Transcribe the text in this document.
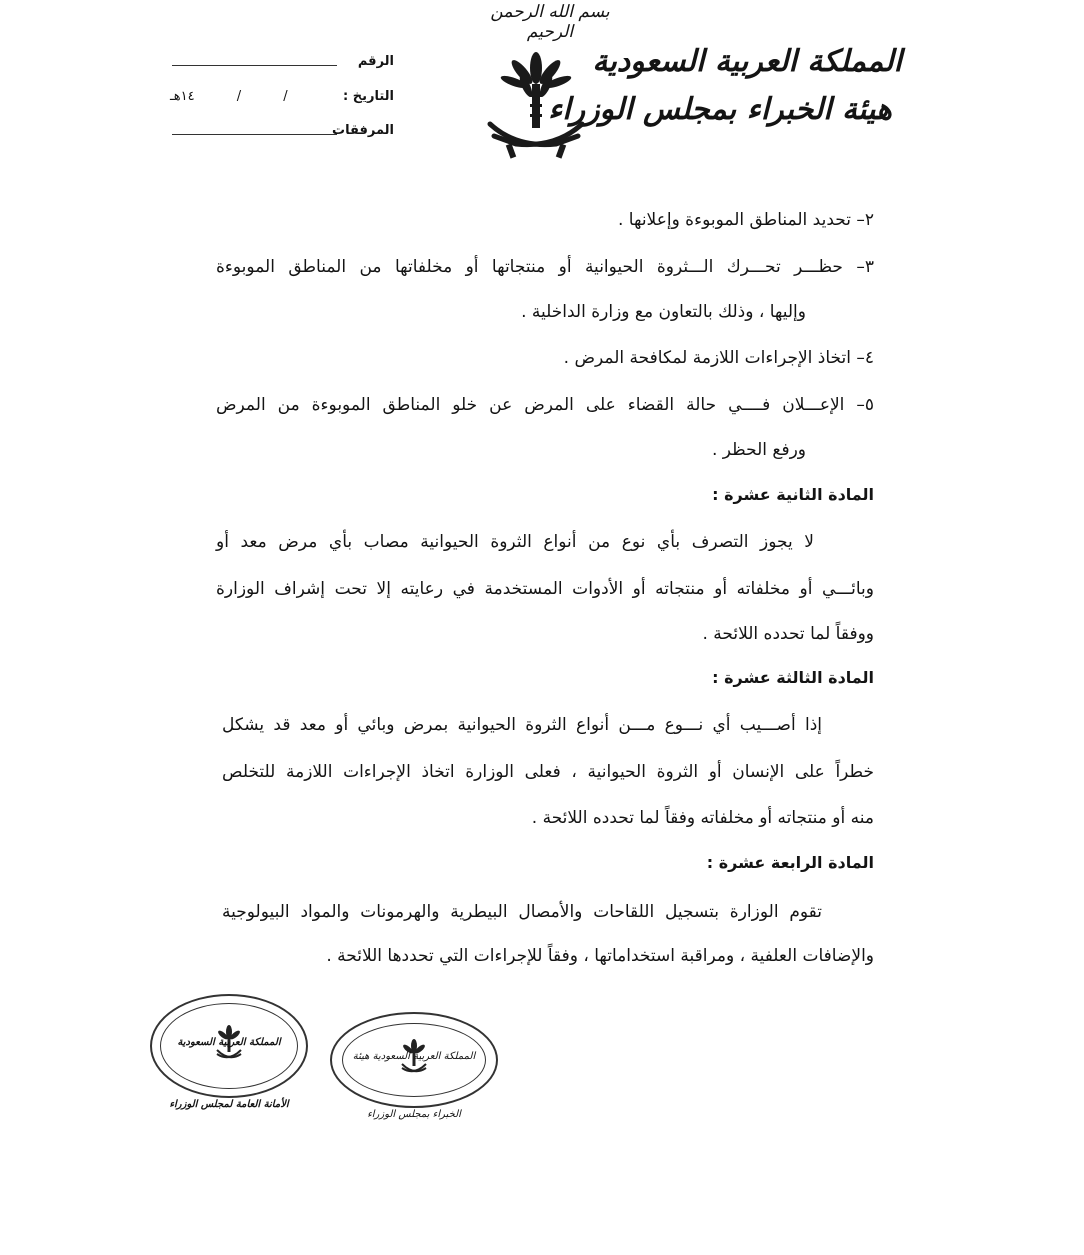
بسم الله الرحمن الرحيم
المملكة العربية السعودية
هيئة الخبراء بمجلس الوزراء
الرقم
التاريخ :
/ / ١٤هـ
المرفقات
٢– تحديد المناطق الموبوءة وإعلانها .
٣– حظـــر تحـــرك الـــثروة الحيوانية أو منتجاتها أو مخلفاتها من المناطق الموبوءة
وإليها ، وذلك بالتعاون مع وزارة الداخلية .
٤– اتخاذ الإجراءات اللازمة لمكافحة المرض .
٥– الإعـــلان فــــي حالة القضاء على المرض عن خلو المناطق الموبوءة من المرض
ورفع الحظر .
المادة الثانية عشرة :
لا يجوز التصرف بأي نوع من أنواع الثروة الحيوانية مصاب بأي مرض معد أو
وبائـــي أو مخلفاته أو منتجاته أو الأدوات المستخدمة في رعايته إلا تحت إشراف الوزارة
ووفقاً لما تحدده اللائحة .
المادة الثالثة عشرة :
إذا أصـــيب أي نـــوع مـــن أنواع الثروة الحيوانية بمرض وبائي أو معد قد يشكل
خطراً على الإنسان أو الثروة الحيوانية ، فعلى الوزارة اتخاذ الإجراءات اللازمة للتخلص
منه أو منتجاته أو مخلفاته وفقاً لما تحدده اللائحة .
المادة الرابعة عشرة :
تقوم الوزارة بتسجيل اللقاحات والأمصال البيطرية والهرمونات والمواد البيولوجية
والإضافات العلفية ، ومراقبة استخداماتها ، وفقاً للإجراءات التي تحددها اللائحة .
المملكة العربية السعودية الأمانة العامة لمجلس الوزراء
المملكة العربية السعودية هيئة الخبراء بمجلس الوزراء
